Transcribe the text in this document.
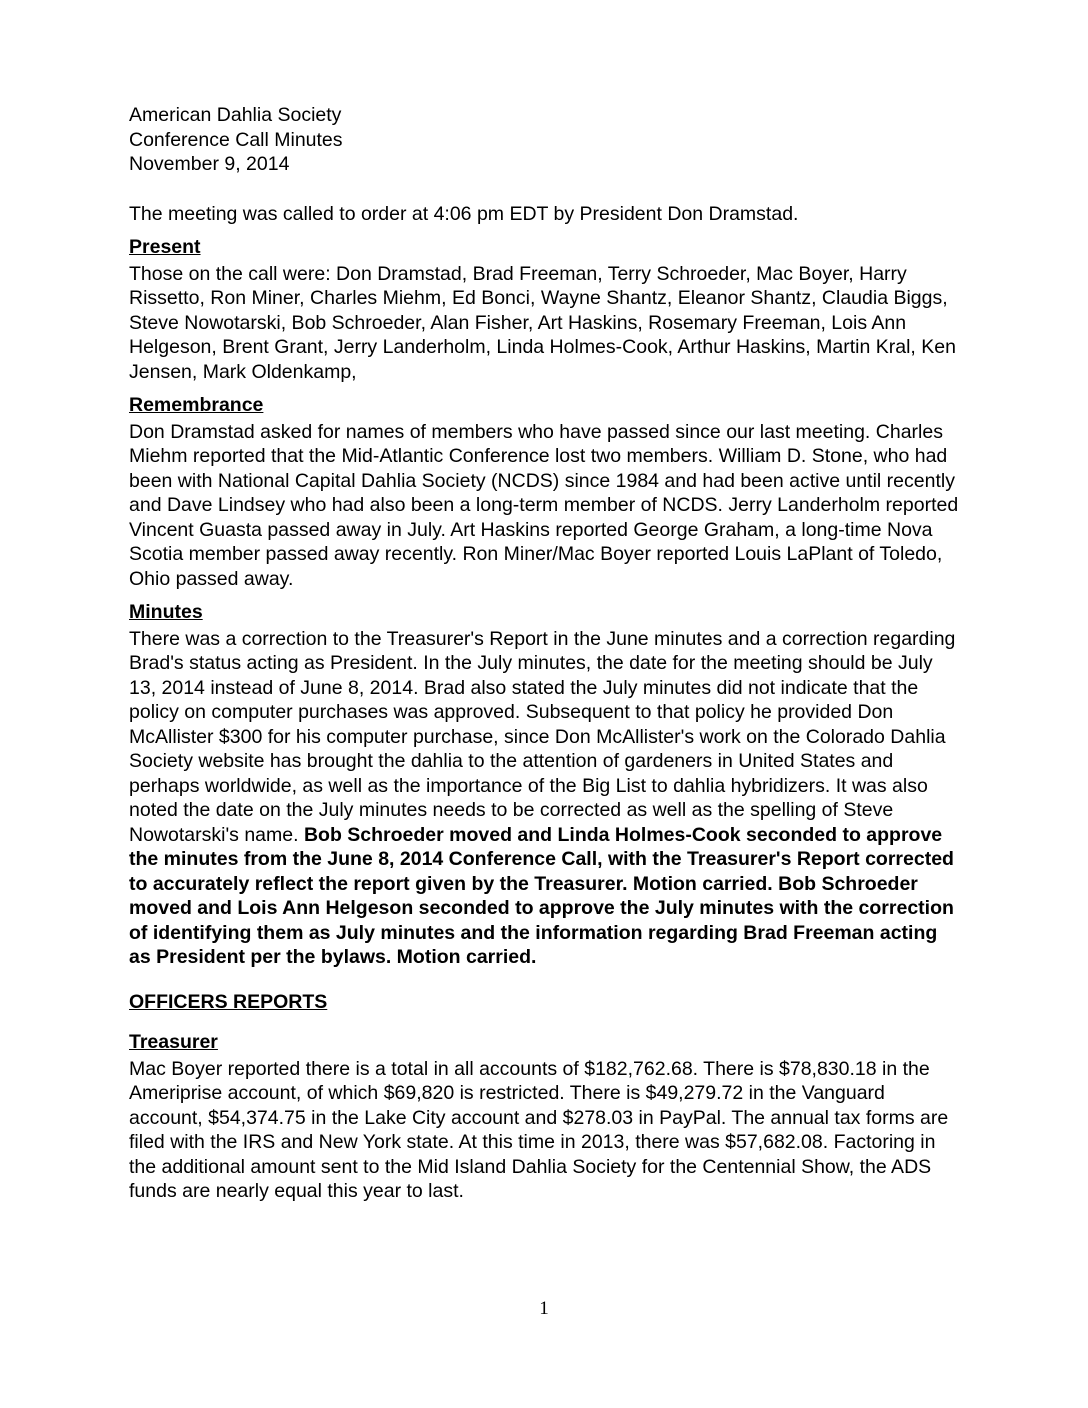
American Dahlia Society

Conference Call Minutes

November 9, 2014

The meeting was called to order at 4:06 pm EDT by President Don Dramstad.

Present

Those on the call were: Don Dramstad, Brad Freeman, Terry Schroeder, Mac Boyer, Harry Rissetto, Ron Miner, Charles Miehm, Ed Bonci, Wayne Shantz, Eleanor Shantz, Claudia Biggs, Steve Nowotarski, Bob Schroeder, Alan Fisher, Art Haskins, Rosemary Freeman, Lois Ann Helgeson, Brent Grant, Jerry Landerholm, Linda Holmes-Cook, Arthur Haskins, Martin Kral, Ken Jensen, Mark Oldenkamp,

Remembrance

Don Dramstad asked for names of members who have passed since our last meeting. Charles Miehm reported that the Mid-Atlantic Conference lost two members. William D. Stone, who had been with National Capital Dahlia Society (NCDS) since 1984 and had been active until recently and Dave Lindsey who had also been a long-term member of NCDS. Jerry Landerholm reported Vincent Guasta passed away in July. Art Haskins reported George Graham, a long-time Nova Scotia member passed away recently. Ron Miner/Mac Boyer reported Louis LaPlant of Toledo, Ohio passed away.

Minutes

There was a correction to the Treasurer's Report in the June minutes and a correction regarding Brad's status acting as President. In the July minutes, the date for the meeting should be July 13, 2014 instead of June 8, 2014. Brad also stated the July minutes did not indicate that the policy on computer purchases was approved. Subsequent to that policy he provided Don McAllister $300 for his computer purchase, since Don McAllister's work on the Colorado Dahlia Society website has brought the dahlia to the attention of gardeners in United States and perhaps worldwide, as well as the importance of the Big List to dahlia hybridizers. It was also noted the date on the July minutes needs to be corrected as well as the spelling of Steve Nowotarski's name. Bob Schroeder moved and Linda Holmes-Cook seconded to approve the minutes from the June 8, 2014 Conference Call, with the Treasurer's Report corrected to accurately reflect the report given by the Treasurer. Motion carried. Bob Schroeder moved and Lois Ann Helgeson seconded to approve the July minutes with the correction of identifying them as July minutes and the information regarding Brad Freeman acting as President per the bylaws. Motion carried.

OFFICERS REPORTS
Treasurer

Mac Boyer reported there is a total in all accounts of $182,762.68. There is $78,830.18 in the Ameriprise account, of which $69,820 is restricted. There is $49,279.72 in the Vanguard account, $54,374.75 in the Lake City account and $278.03 in PayPal. The annual tax forms are filed with the IRS and New York state. At this time in 2013, there was $57,682.08. Factoring in the additional amount sent to the Mid Island Dahlia Society for the Centennial Show, the ADS funds are nearly equal this year to last.

1
